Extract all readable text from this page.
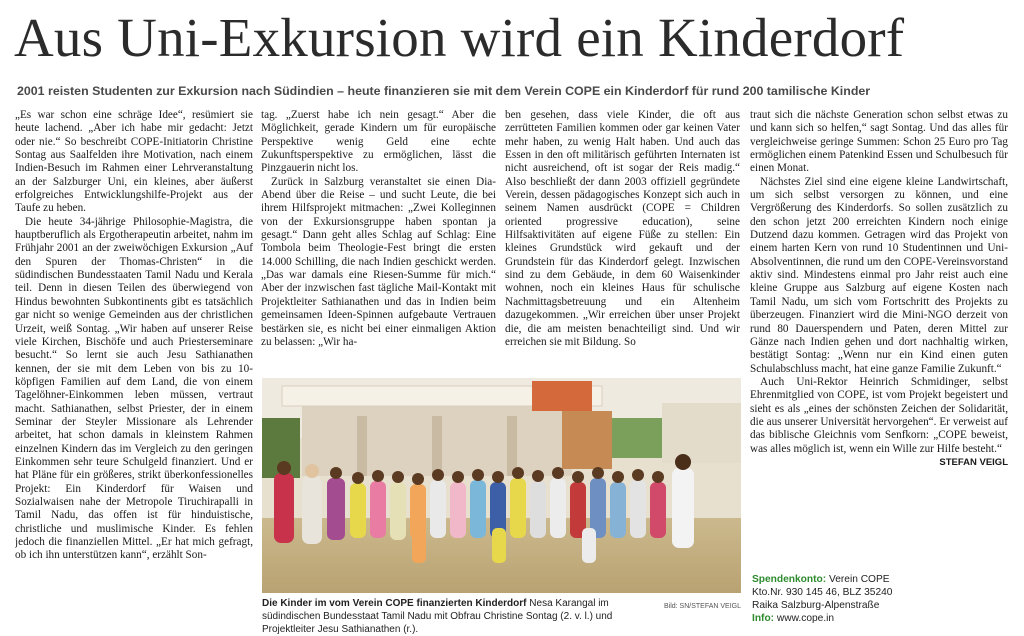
Aus Uni-Exkursion wird ein Kinderdorf
2001 reisten Studenten zur Exkursion nach Südindien – heute finanzieren sie mit dem Verein COPE ein Kinderdorf für rund 200 tamilische Kinder

„Es war schon eine schräge Idee“, resümiert sie heute lachend. „Aber ich habe mir gedacht: Jetzt oder nie.“ So beschreibt COPE-Initiatorin Christine Sontag aus Saalfelden ihre Motivation, nach einem Indien-Besuch im Rahmen einer Lehrveranstaltung an der Salzburger Uni, ein kleines, aber äußerst erfolgreiches Entwicklungshilfe-Projekt aus der Taufe zu heben.

Die heute 34-jährige Philosophie-Magistra, die hauptberuflich als Ergotherapeutin arbeitet, nahm im Frühjahr 2001 an der zweiwöchigen Exkursion „Auf den Spuren der Thomas-Christen“ in die südindischen Bundesstaaten Tamil Nadu und Kerala teil. Denn in diesen Teilen des überwiegend von Hindus bewohnten Subkontinents gibt es tatsächlich gar nicht so wenige Gemeinden aus der christlichen Urzeit, weiß Sontag. „Wir haben auf unserer Reise viele Kirchen, Bischöfe und auch Priesterseminare besucht.“ So lernt sie auch Jesu Sathianathen kennen, der sie mit dem Leben von bis zu 10-köpfigen Familien auf dem Land, die von einem Tagelöhner-Einkommen leben müssen, vertraut macht. Sathianathen, selbst Priester, der in einem Seminar der Steyler Missionare als Lehrender arbeitet, hat schon damals in kleinstem Rahmen einzelnen Kindern das im Vergleich zu den geringen Einkommen sehr teure Schulgeld finanziert. Und er hat Pläne für ein größeres, strikt überkonfessionelles Projekt: Ein Kinderdorf für Waisen und Sozialwaisen nahe der Metropole Tiruchirapalli in Tamil Nadu, das offen ist für hinduistische, christliche und muslimische Kinder. Es fehlen jedoch die finanziellen Mittel. „Er hat mich gefragt, ob ich ihn unterstützen kann“, erzählt Son-

tag. „Zuerst habe ich nein gesagt.“ Aber die Möglichkeit, gerade Kindern um für europäische Perspektive wenig Geld eine echte Zukunftsperspektive zu ermöglichen, lässt die Pinzgauerin nicht los.

Zurück in Salzburg veranstaltet sie einen Dia-Abend über die Reise – und sucht Leute, die bei ihrem Hilfsprojekt mitmachen: „Zwei Kolleginnen von der Exkursionsgruppe haben spontan ja gesagt.“ Dann geht alles Schlag auf Schlag: Eine Tombola beim Theologie-Fest bringt die ersten 14.000 Schilling, die nach Indien geschickt werden. „Das war damals eine Riesen-Summe für mich.“ Aber der inzwischen fast tägliche Mail-Kontakt mit Projektleiter Sathianathen und das in Indien beim gemeinsamen Ideen-Spinnen aufgebaute Vertrauen bestärken sie, es nicht bei einer einmaligen Aktion zu belassen: „Wir ha-

ben gesehen, dass viele Kinder, die oft aus zerrütteten Familien kommen oder gar keinen Vater mehr haben, zu wenig Halt haben. Und auch das Essen in den oft militärisch geführten Internaten ist nicht ausreichend, oft ist sogar der Reis madig.“ Also beschließt der dann 2003 offiziell gegründete Verein, dessen pädagogisches Konzept sich auch in seinem Namen ausdrückt (COPE = Children oriented progressive education), seine Hilfsaktivitäten auf eigene Füße zu stellen: Ein kleines Grundstück wird gekauft und der Grundstein für das Kinderdorf gelegt. Inzwischen sind zu dem Gebäude, in dem 60 Waisenkinder wohnen, noch ein kleines Haus für schulische Nachmittagsbetreuung und ein Altenheim dazugekommen. „Wir erreichen über unser Projekt die, die am meisten benachteiligt sind. Und wir erreichen sie mit Bildung. So

traut sich die nächste Generation schon selbst etwas zu und kann sich so helfen,“ sagt Sontag. Und das alles für vergleichweise geringe Summen: Schon 25 Euro pro Tag ermöglichen einem Patenkind Essen und Schulbesuch für einen Monat.

Nächstes Ziel sind eine eigene kleine Landwirtschaft, um sich selbst versorgen zu können, und eine Vergrößerung des Kinderdorfs. So sollen zusätzlich zu den schon jetzt 200 erreichten Kindern noch einige Dutzend dazu kommen. Getragen wird das Projekt von einem harten Kern von rund 10 Studentinnen und Uni-Absolventinnen, die rund um den COPE-Vereinsvorstand aktiv sind. Mindestens einmal pro Jahr reist auch eine kleine Gruppe aus Salzburg auf eigene Kosten nach Tamil Nadu, um sich vom Fortschritt des Projekts zu überzeugen. Finanziert wird die Mini-NGO derzeit von rund 80 Dauerspendern und Paten, deren Mittel zur Gänze nach Indien gehen und dort nachhaltig wirken, bestätigt Sontag: „Wenn nur ein Kind einen guten Schulabschluss macht, hat eine ganze Familie Zukunft.“

Auch Uni-Rektor Heinrich Schmidinger, selbst Ehrenmitglied von COPE, ist vom Projekt begeistert und sieht es als „eines der schönsten Zeichen der Solidarität, die aus unserer Universität hervorgehen“. Er verweist auf das biblische Gleichnis vom Senfkorn: „COPE beweist, was alles möglich ist, wenn ein Wille zur Hilfe besteht.“
STEFAN VEIGL

Bild: SN/STEFAN VEIGL
Die Kinder im vom Verein COPE finanzierten Kinderdorf Nesa Karangal im südindischen Bundesstaat Tamil Nadu mit Obfrau Christine Sontag (2. v. l.) und Projektleiter Jesu Sathianathen (r.).
Spendenkonto: Verein COPE
Kto.Nr. 930 145 46, BLZ 35240
Raika Salzburg-Alpenstraße
Info: www.cope.in
